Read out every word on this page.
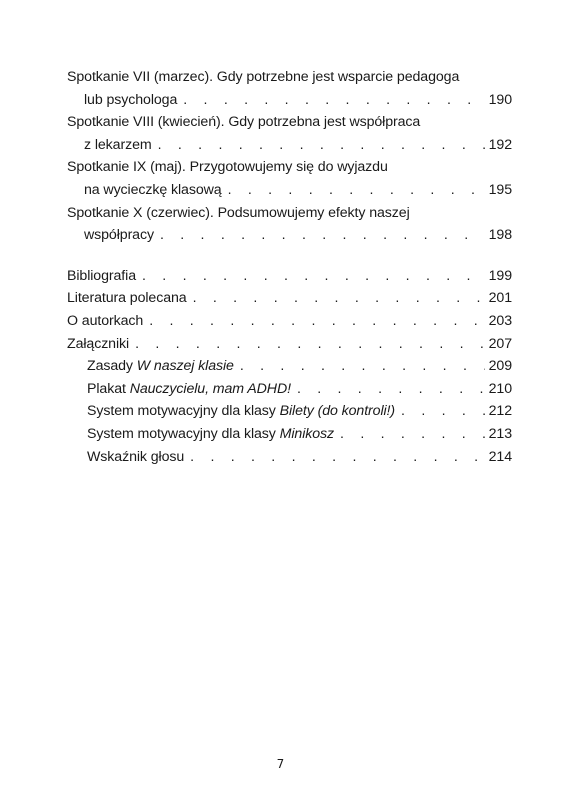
Spotkanie VII (marzec). Gdy potrzebne jest wsparcie pedagoga
lub psychologa . . .	190
Spotkanie VIII (kwiecień). Gdy potrzebna jest współpraca
z lekarzem . . .	192
Spotkanie IX (maj). Przygotowujemy się do wyjazdu
na wycieczkę klasową . . .	195
Spotkanie X (czerwiec). Podsumowujemy efekty naszej
współpracy . . .	198
Bibliografia . . .	199
Literatura polecana . . .	201
O autorkach . . .	203
Załączniki . . .	207
Zasady W naszej klasie . . .	209
Plakat Nauczycielu, mam ADHD! . . .	210
System motywacyjny dla klasy Bilety (do kontroli!) . . .	212
System motywacyjny dla klasy Minikosz . . .	213
Wskaźnik głosu . . .	214
7
